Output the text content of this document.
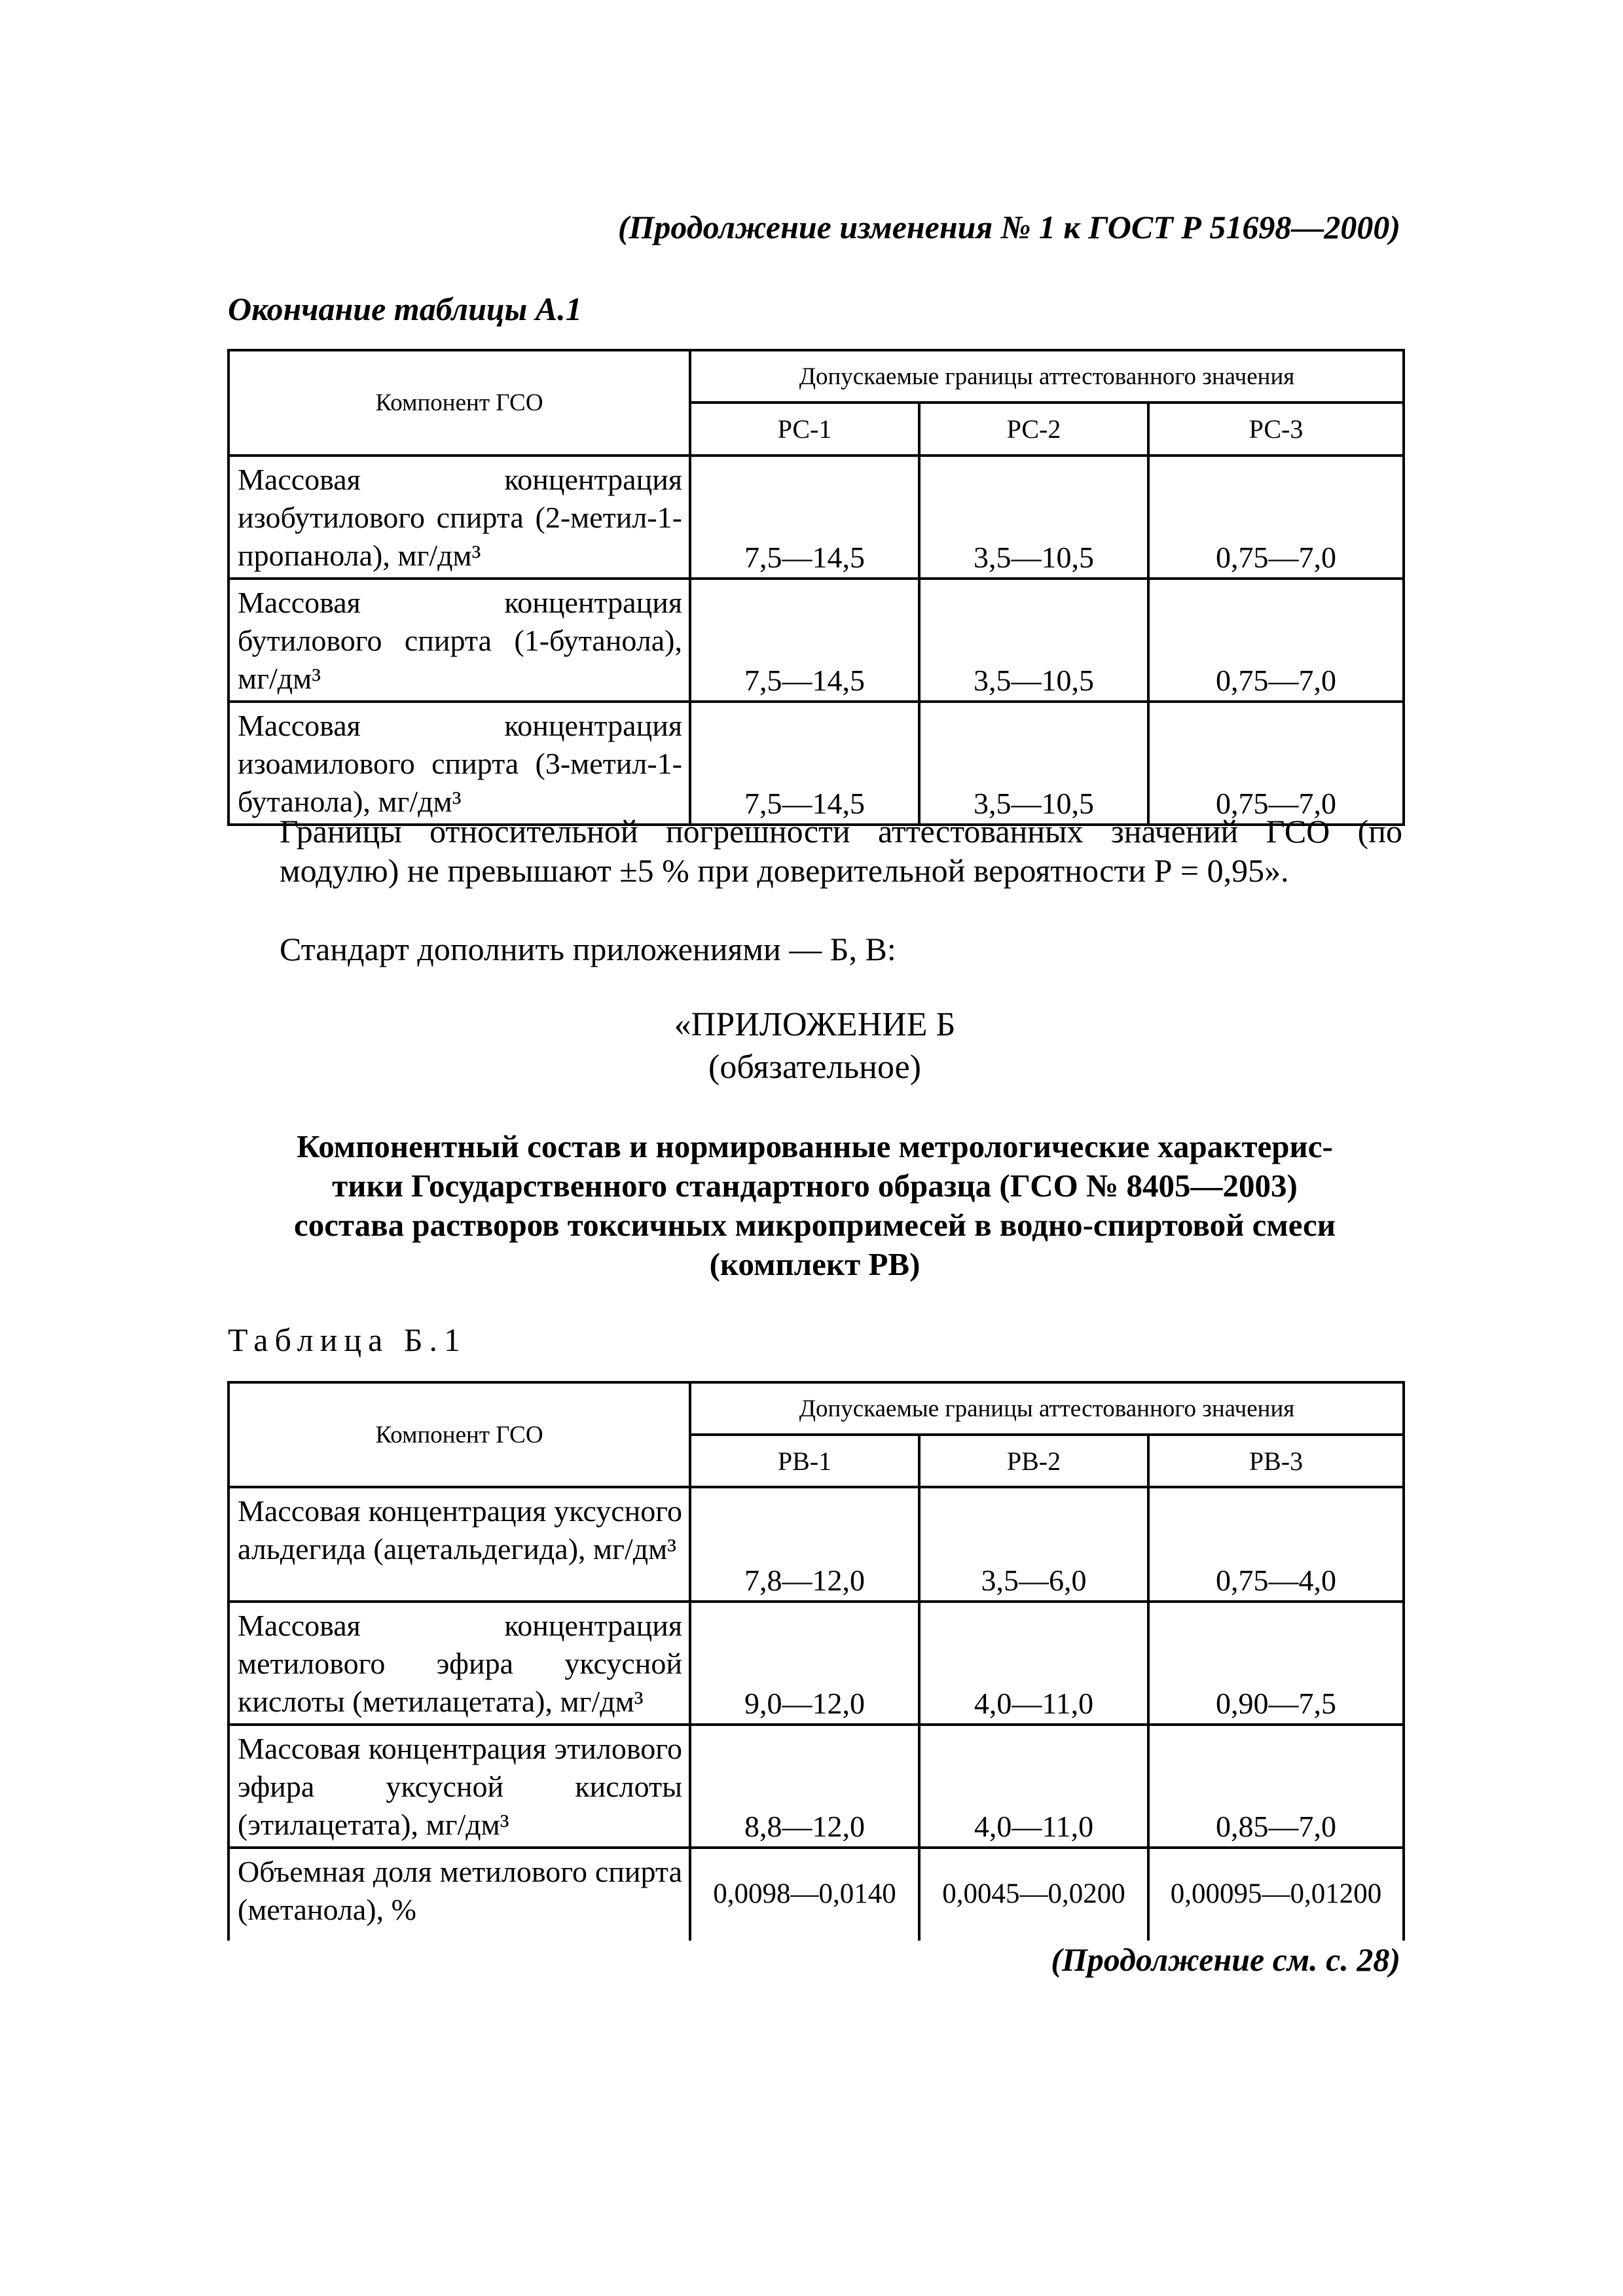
(Продолжение изменения № 1 к ГОСТ Р 51698—2000)
Окончание таблицы А.1
Компонент ГСО	Допускаемые границы аттестованного значения		
	РС-1	РС-2	РС-3
Массовая концентрация изобутилового спирта (2-метил-1-пропанола), мг/дм³	7,5—14,5	3,5—10,5	0,75—7,0
Массовая концентрация бутилового спирта (1-бутанола), мг/дм³	7,5—14,5	3,5—10,5	0,75—7,0
Массовая концентрация изоамилового спирта (3-метил-1-бутанола), мг/дм³	7,5—14,5	3,5—10,5	0,75—7,0
Границы относительной погрешности аттестованных значений ГСО (по модулю) не превышают ±5 % при доверительной вероятности Р = 0,95».
Стандарт дополнить приложениями — Б, В:
«ПРИЛОЖЕНИЕ Б
(обязательное)
Компонентный состав и нормированные метрологические характерис-
тики Государственного стандартного образца (ГСО № 8405—2003)
состава растворов токсичных микропримесей в водно-спиртовой смеси
(комплект РВ)
Таблица Б.1
Компонент ГСО	Допускаемые границы аттестованного значения		
	РВ-1	РВ-2	РВ-3
Массовая концентрация уксусного альдегида (ацетальдегида), мг/дм³	7,8—12,0	3,5—6,0	0,75—4,0
Массовая концентрация метилового эфира уксусной кислоты (метилацетата), мг/дм³	9,0—12,0	4,0—11,0	0,90—7,5
Массовая концентрация этилового эфира уксусной кислоты (этилацетата), мг/дм³	8,8—12,0	4,0—11,0	0,85—7,0
Объемная доля метилового спирта (метанола), %	0,0098—0,0140	0,0045—0,0200	0,00095—0,01200
(Продолжение см. с. 28)
